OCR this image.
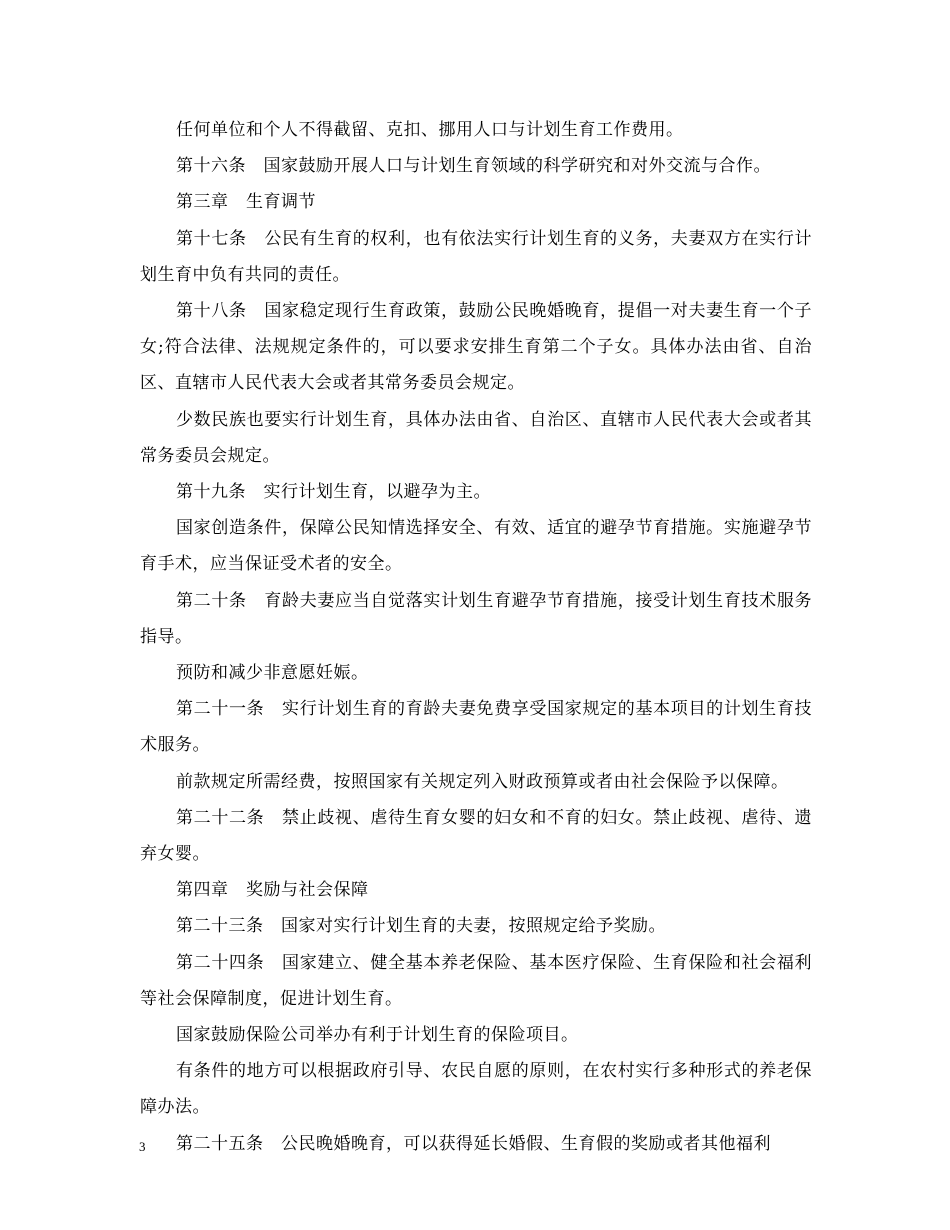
任何单位和个人不得截留、克扣、挪用人口与计划生育工作费用。

第十六条　国家鼓励开展人口与计划生育领域的科学研究和对外交流与合作。

第三章　生育调节

第十七条　公民有生育的权利，也有依法实行计划生育的义务，夫妻双方在实行计划生育中负有共同的责任。

第十八条　国家稳定现行生育政策，鼓励公民晚婚晚育，提倡一对夫妻生育一个子女;符合法律、法规规定条件的，可以要求安排生育第二个子女。具体办法由省、自治区、直辖市人民代表大会或者其常务委员会规定。

少数民族也要实行计划生育，具体办法由省、自治区、直辖市人民代表大会或者其常务委员会规定。

第十九条　实行计划生育，以避孕为主。

国家创造条件，保障公民知情选择安全、有效、适宜的避孕节育措施。实施避孕节育手术，应当保证受术者的安全。

第二十条　育龄夫妻应当自觉落实计划生育避孕节育措施，接受计划生育技术服务指导。

预防和减少非意愿妊娠。

第二十一条　实行计划生育的育龄夫妻免费享受国家规定的基本项目的计划生育技术服务。

前款规定所需经费，按照国家有关规定列入财政预算或者由社会保险予以保障。

第二十二条　禁止歧视、虐待生育女婴的妇女和不育的妇女。禁止歧视、虐待、遗弃女婴。

第四章　奖励与社会保障

第二十三条　国家对实行计划生育的夫妻，按照规定给予奖励。

第二十四条　国家建立、健全基本养老保险、基本医疗保险、生育保险和社会福利等社会保障制度，促进计划生育。

国家鼓励保险公司举办有利于计划生育的保险项目。

有条件的地方可以根据政府引导、农民自愿的原则，在农村实行多种形式的养老保障办法。

第二十五条　公民晚婚晚育，可以获得延长婚假、生育假的奖励或者其他福利

3
